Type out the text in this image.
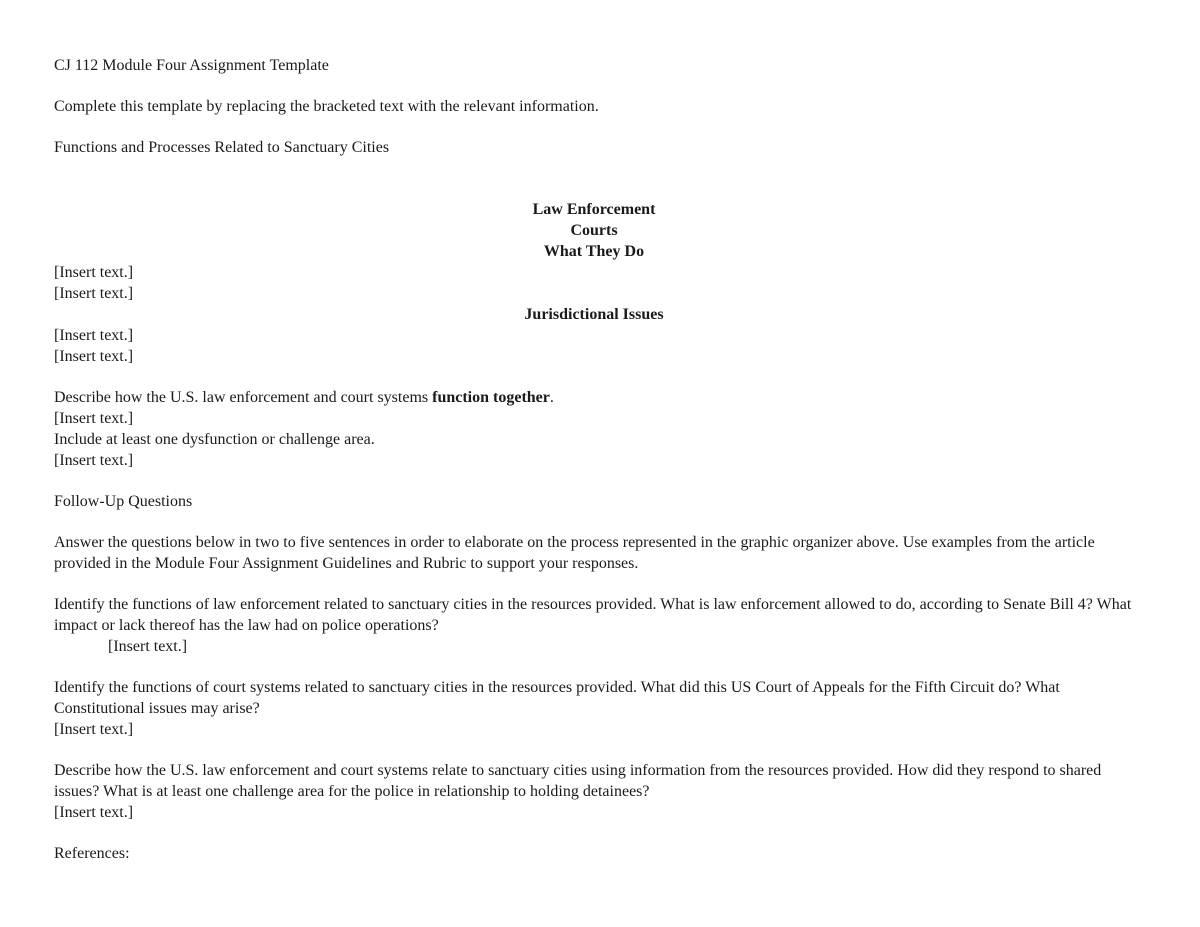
CJ 112 Module Four Assignment Template
Complete this template by replacing the bracketed text with the relevant information.
Functions and Processes Related to Sanctuary Cities
Law Enforcement
Courts
What They Do
[Insert text.]
[Insert text.]
Jurisdictional Issues
[Insert text.]
[Insert text.]
Describe how the U.S. law enforcement and court systems function together.
[Insert text.]
Include at least one dysfunction or challenge area.
[Insert text.]
Follow-Up Questions
Answer the questions below in two to five sentences in order to elaborate on the process represented in the graphic organizer above. Use examples from the article provided in the Module Four Assignment Guidelines and Rubric to support your responses.
Identify the functions of law enforcement related to sanctuary cities in the resources provided. What is law enforcement allowed to do, according to Senate Bill 4? What impact or lack thereof has the law had on police operations?
[Insert text.]
Identify the functions of court systems related to sanctuary cities in the resources provided. What did this US Court of Appeals for the Fifth Circuit do? What Constitutional issues may arise?
[Insert text.]
Describe how the U.S. law enforcement and court systems relate to sanctuary cities using information from the resources provided. How did they respond to shared issues? What is at least one challenge area for the police in relationship to holding detainees?
[Insert text.]
References:
